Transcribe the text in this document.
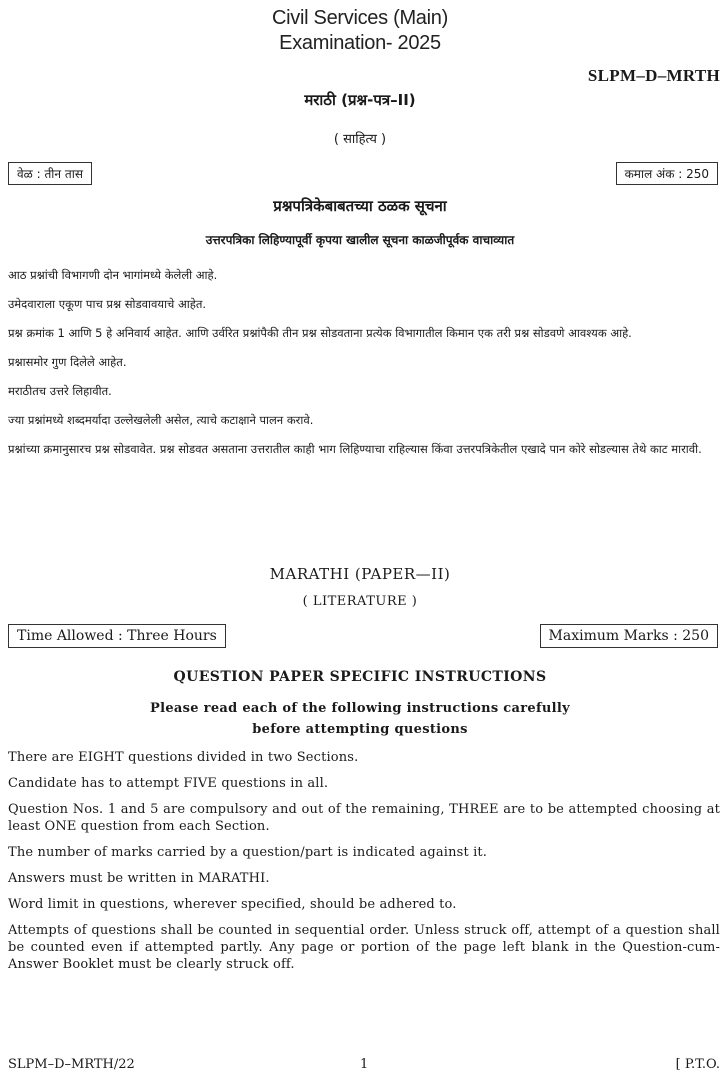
Civil Services (Main)
Examination- 2025
SLPM–D–MRTH
मराठी (प्रश्न-पत्र–II)
( साहित्य )
वेळ : तीन तास	कमाल अंक : 250
प्रश्नपत्रिकेबाबतच्या ठळक सूचना
उत्तरपत्रिका लिहिण्यापूर्वी कृपया खालील सूचना काळजीपूर्वक वाचाव्यात

आठ प्रश्नांची विभागणी दोन भागांमध्ये केलेली आहे.

उमेदवाराला एकूण पाच प्रश्न सोडवावयाचे आहेत.

प्रश्न क्रमांक 1 आणि 5 हे अनिवार्य आहेत. आणि उर्वरित प्रश्नांपैकी तीन प्रश्न सोडवताना प्रत्येक विभागातील किमान एक तरी प्रश्न सोडवणे आवश्यक आहे.

प्रश्नासमोर गुण दिलेले आहेत.

मराठीतच उत्तरे लिहावीत.

ज्या प्रश्नांमध्ये शब्दमर्यादा उल्लेखलेली असेल, त्याचे कटाक्षाने पालन करावे.

प्रश्नांच्या क्रमानुसारच प्रश्न सोडवावेत. प्रश्न सोडवत असताना उत्तरातील काही भाग लिहिण्याचा राहिल्यास किंवा उत्तरपत्रिकेतील एखादे पान कोरे सोडल्यास तेथे काट मारावी.

MARATHI (PAPER—II)
( LITERATURE )
Time Allowed : Three Hours	Maximum Marks : 250
QUESTION PAPER SPECIFIC INSTRUCTIONS
Please read each of the following instructions carefully
before attempting questions

There are EIGHT questions divided in two Sections.

Candidate has to attempt FIVE questions in all.

Question Nos. 1 and 5 are compulsory and out of the remaining, THREE are to be attempted choosing at least ONE question from each Section.

The number of marks carried by a question/part is indicated against it.

Answers must be written in MARATHI.

Word limit in questions, wherever specified, should be adhered to.

Attempts of questions shall be counted in sequential order. Unless struck off, attempt of a question shall be counted even if attempted partly. Any page or portion of the page left blank in the Question-cum-Answer Booklet must be clearly struck off.

SLPM–D–MRTH/22	1	[ P.T.O.
